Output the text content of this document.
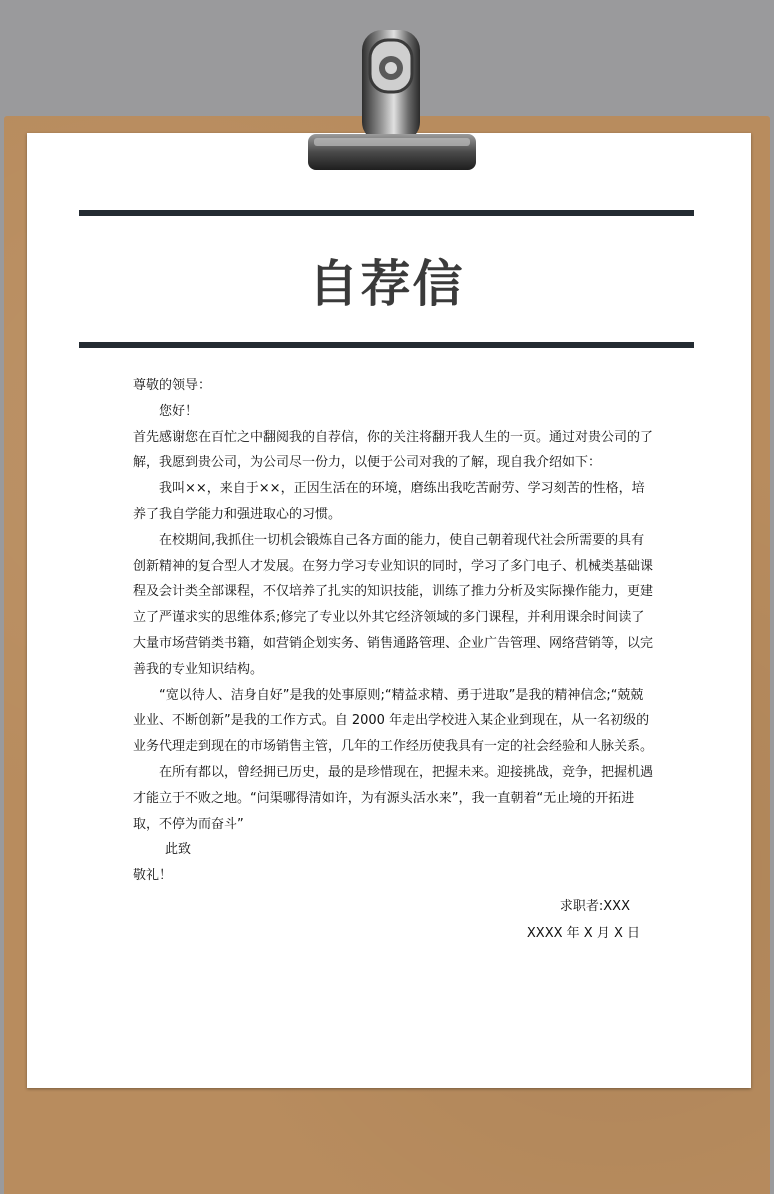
自荐信

尊敬的领导：

您好！

首先感谢您在百忙之中翻阅我的自荐信，你的关注将翻开我人生的一页。通过对贵公司的了解，我愿到贵公司，为公司尽一份力，以便于公司对我的了解，现自我介绍如下：

我叫××，来自于××，正因生活在的环境，磨练出我吃苦耐劳、学习刻苦的性格，培养了我自学能力和强进取心的习惯。

在校期间,我抓住一切机会锻炼自己各方面的能力，使自己朝着现代社会所需要的具有创新精神的复合型人才发展。在努力学习专业知识的同时，学习了多门电子、机械类基础课程及会计类全部课程，不仅培养了扎实的知识技能，训练了推力分析及实际操作能力，更建立了严谨求实的思维体系;修完了专业以外其它经济领域的多门课程，并利用课余时间读了大量市场营销类书籍，如营销企划实务、销售通路管理、企业广告管理、网络营销等，以完善我的专业知识结构。

“宽以待人、洁身自好”是我的处事原则;“精益求精、勇于进取”是我的精神信念;“兢兢业业、不断创新”是我的工作方式。自 2000 年走出学校进入某企业到现在，从一名初级的业务代理走到现在的市场销售主管，几年的工作经历使我具有一定的社会经验和人脉关系。

在所有都以，曾经拥已历史，最的是珍惜现在，把握未来。迎接挑战，竞争，把握机遇才能立于不败之地。“问渠哪得清如许，为有源头活水来”，我一直朝着“无止境的开拓进取，不停为而奋斗”

此致

敬礼！

求职者:XXX
XXXX 年 X 月 X 日
